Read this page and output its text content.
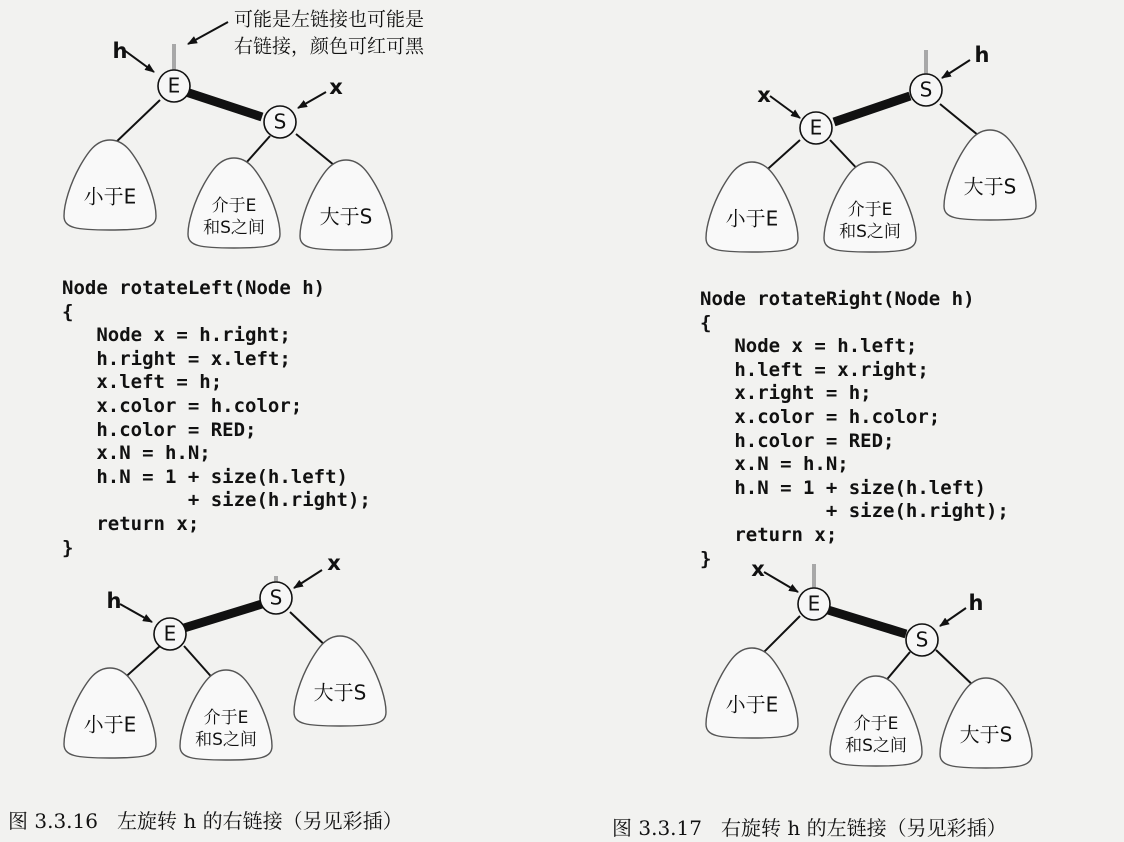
小于E	介于E
和S之间	大于S
E
S
h
x
可能是左链接也可能是
右链接，颜色可红可黑
小于E	介于E
和S之间
大于S
S
E
h
x
小于E	介于E
和S之间
大于S
S
E
x
h
小于E
介于E
和S之间	大于S
E
S
x
h
Node rotateLeft(Node h)
{
Node x = h.right;
h.right = x.left;
x.left = h;
x.color = h.color;
h.color = RED;
x.N = h.N;
h.N = 1 + size(h.left)
+ size(h.right);
return x;
}
Node rotateRight(Node h)
{
Node x = h.left;
h.left = x.right;
x.right = h;
x.color = h.color;
h.color = RED;
x.N = h.N;
h.N = 1 + size(h.left)
+ size(h.right);
return x;
}
图 3.3.16   左旋转 h 的右链接（另见彩插）	图 3.3.17   右旋转 h 的左链接（另见彩插）
